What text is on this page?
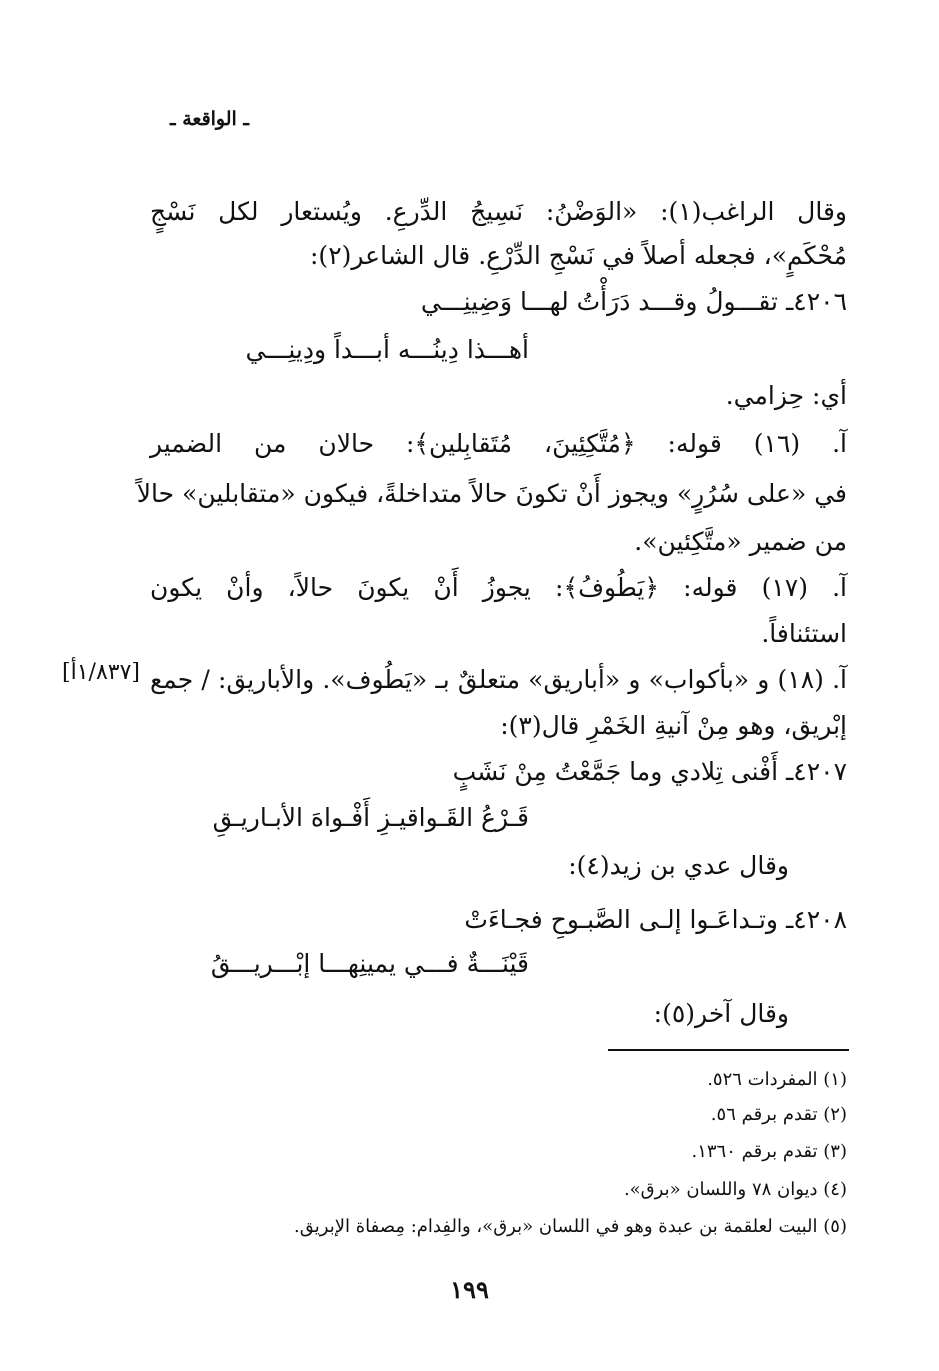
ـ الواقعة ـ
وقال الراغب(١): «الوَضْنُ: نَسِيجُ الدِّرعِ. ويُستعار لكل نَسْجٍ
مُحْكَمٍ»، فجعله أصلاً في نَسْجِ الدِّرْعِ. قال الشاعر(٢):
٤٢٠٦ـ تقـــولُ وقـــد دَرَأْتُ لهـــا وَضِينِـــي
أهـــذا دِينُـــه أبـــداً ودِينِـــي
أي: حِزامي.
آ. (١٦) قوله: ﴿مُتَّكِئِينَ، مُتَقابِلين﴾: حالان من الضمير
في «على سُرُرٍ» ويجوز أَنْ تكونَ حالاً متداخلةً، فيكون «متقابلين» حالاً
من ضمير «متَّكِئين».
آ. (١٧) قوله: ﴿يَطُوفُ﴾: يجوزُ أَنْ يكونَ حالاً، وأنْ يكون
استئنافاً.
آ. (١٨) و «بأكواب» و «أباريق» متعلقٌ بـ «يَطُوف». والأباريق: / جمع
[١/٨٣٧أ]
إبْريق، وهو مِنْ آنيةِ الخَمْرِ قال(٣):
٤٢٠٧ـ أَفْنى تِلادي وما جَمَّعْتُ مِنْ نَشَبٍ
قَـرْعُ القَـواقيـزِ أَفْـواهَ الأبـاريـقِ
وقال عدي بن زيد(٤):
٤٢٠٨ـ وتـداعَـوا إلـى الصَّبـوحِ فجـاءَتْ
قَيْنَـــةٌ فـــي يمينِهـــا إبْـــريـــقُ
وقال آخر(٥):
(١) المفردات ٥٢٦.
(٢) تقدم برقم ٥٦.
(٣) تقدم برقم ١٣٦٠.
(٤) ديوان ٧٨ واللسان «برق».
(٥) البيت لعلقمة بن عبدة وهو في اللسان «برق»، والفِدام: مِصفاة الإبريق.
١٩٩
